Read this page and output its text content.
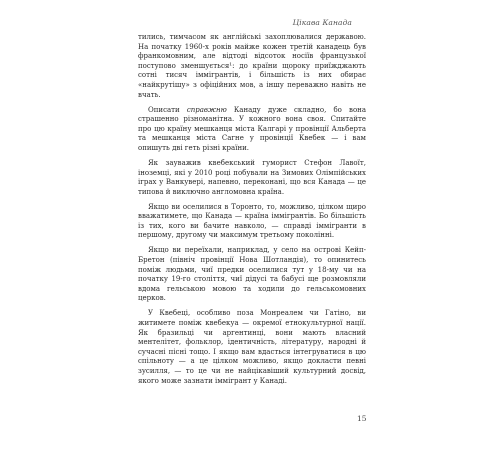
Цікава Канада

тились, тимчасом як англійські захоплювалися державою. На початку 1960-х років майже кожен третій канадець був франкомовним, але відтоді відсоток носіїв французької поступово зменшується¹: до країни щороку приїжджають сотні тисяч іммігрантів, і більшість із них обирає «найкрутішу» з офіційних мов, а іншу переважно навіть не вчать.

Описати справжню Канаду дуже складно, бо вона страшенно різноманітна. У кожного вона своя. Спитайте про цю країну мешканця міста Калгарі у провінції Альберта та мешканця міста Сагне у провінції Квебек — і вам опишуть дві геть різні країни.

Як зауважив квебекський гуморист Стефон Лавоїт, іноземці, які у 2010 році побували на Зимових Олімпійських іграх у Ванкувері, напевно, переконані, що вся Канада — це типова й виключно англомовна країна.

Якщо ви оселилися в Торонто, то, можливо, цілком щиро вважатимете, що Канада — країна іммігрантів. Бо більшість із тих, кого ви бачите навколо, — справді іммігранти в першому, другому чи максимум третьому поколінні.

Якщо ви переїхали, наприклад, у село на острові Кейп-Бретон (північ провінції Нова Шотландія), то опинитесь поміж людьми, чиї предки оселилися тут у 18-му чи на початку 19-го століття, чиї дідусі та бабусі ще розмовляли вдома гельською мовою та ходили до гельськомовних церков.

У Квебеці, особливо поза Монреалем чи Гатіно, ви житимете поміж квебекуа — окремої етнокультурної нації. Як бразильці чи аргентинці, вони мають власний ментелітет, фольклор, ідентичність, літературу, народні й сучасні пісні тощо. І якщо вам вдасться інтегруватися в цю спільноту — а це цілком можливо, якщо докласти певні зусилля, — то це чи не найцікавіший культурний досвід, якого може зазнати іммігрант у Канаді.

15
